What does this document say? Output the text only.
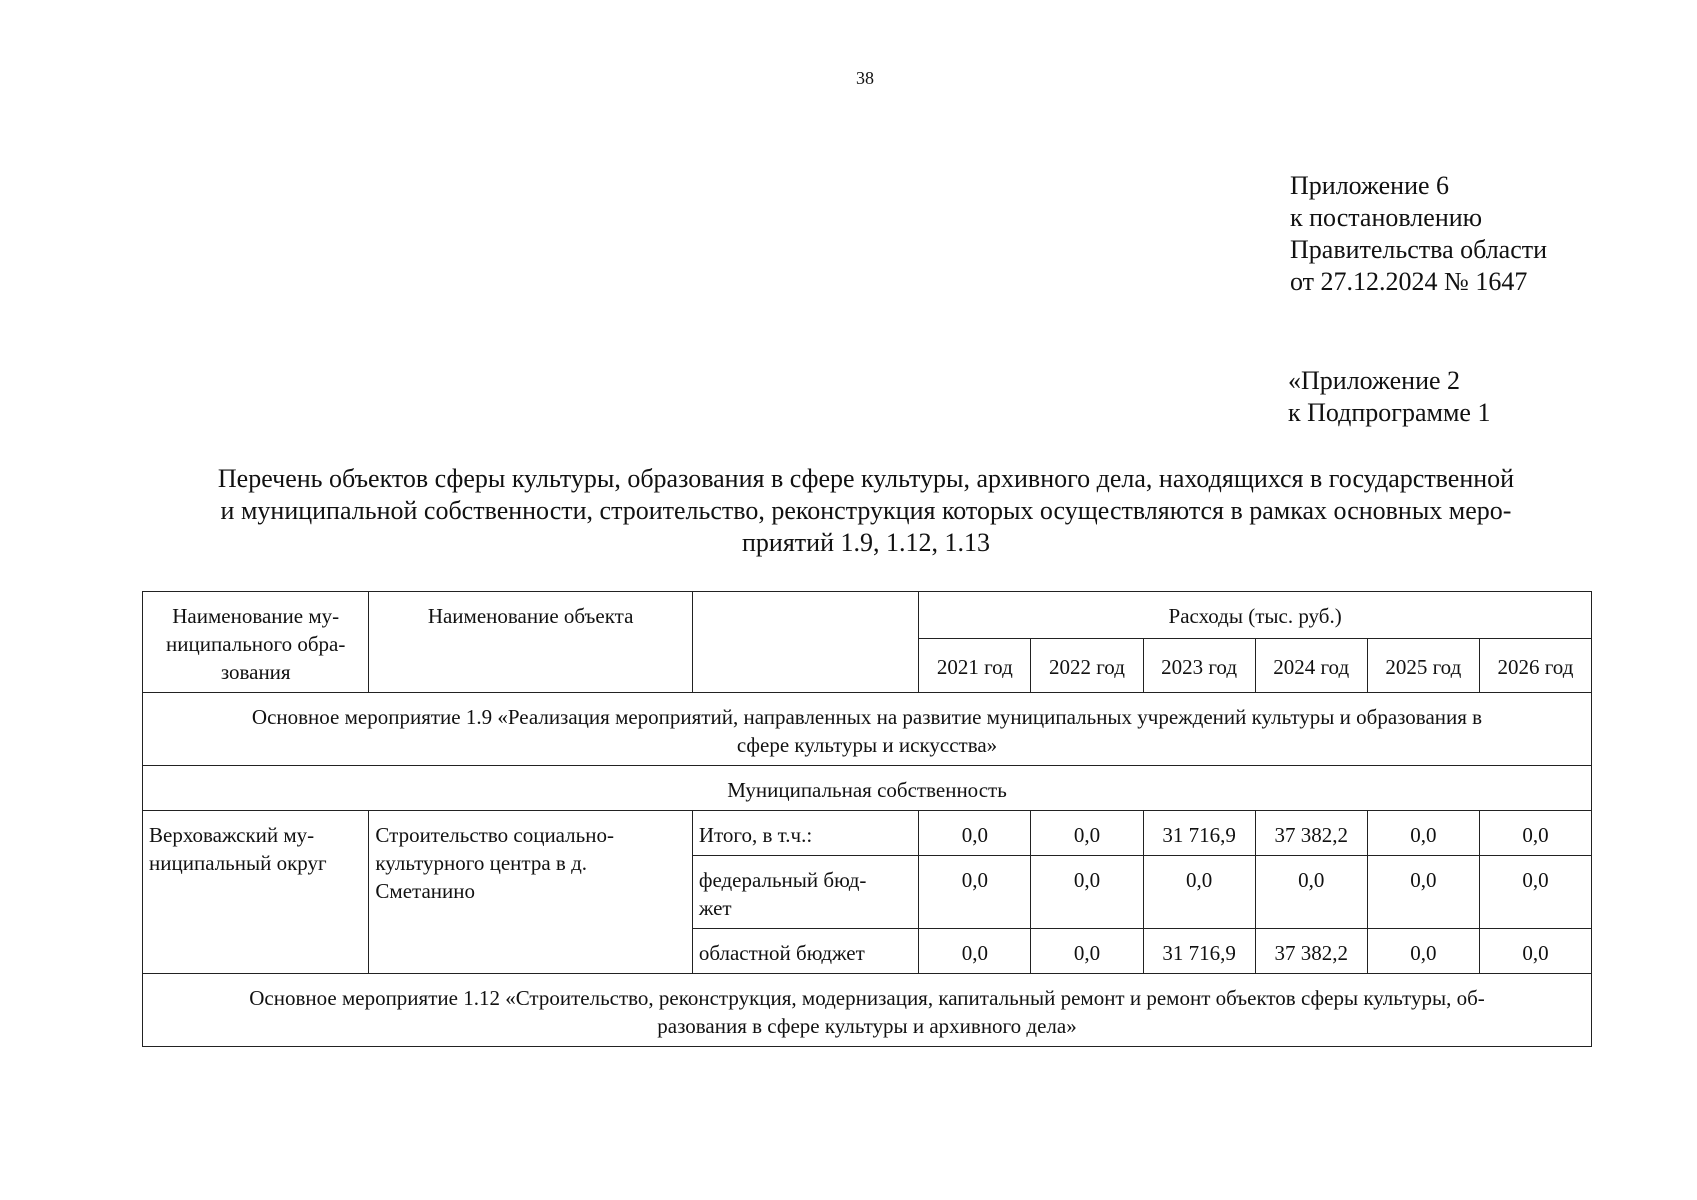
38
Приложение 6
к постановлению
Правительства области
от 27.12.2024 № 1647
«Приложение 2
к Подпрограмме 1
Перечень объектов сферы культуры, образования в сфере культуры, архивного дела, находящихся в государственной
и муниципальной собственности, строительство, реконструкция которых осуществляются в рамках основных меро-
приятий 1.9, 1.12, 1.13
Наименование му-
ниципального обра-
зования	Наименование объекта		Расходы (тыс. руб.)					
			2021 год	2022 год	2023 год	2024 год	2025 год	2026 год

Основное мероприятие 1.9 «Реализация мероприятий, направленных на развитие муниципальных учреждений культуры и образования в
сфере культуры и искусства»								

Муниципальная собственность								

Верховажский му-
ниципальный округ	Строительство социально-
культурного центра в д.
Сметанино	Итого, в т.ч.:	0,0	0,0	31 716,9	37 382,2	0,0	0,0

		федеральный бюд-
жет	0,0	0,0	0,0	0,0	0,0	0,0
		областной бюджет	0,0	0,0	31 716,9	37 382,2	0,0	0,0

Основное мероприятие 1.12 «Строительство, реконструкция, модернизация, капитальный ремонт и ремонт объектов сферы культуры, об-
разования в сфере культуры и архивного дела»								
